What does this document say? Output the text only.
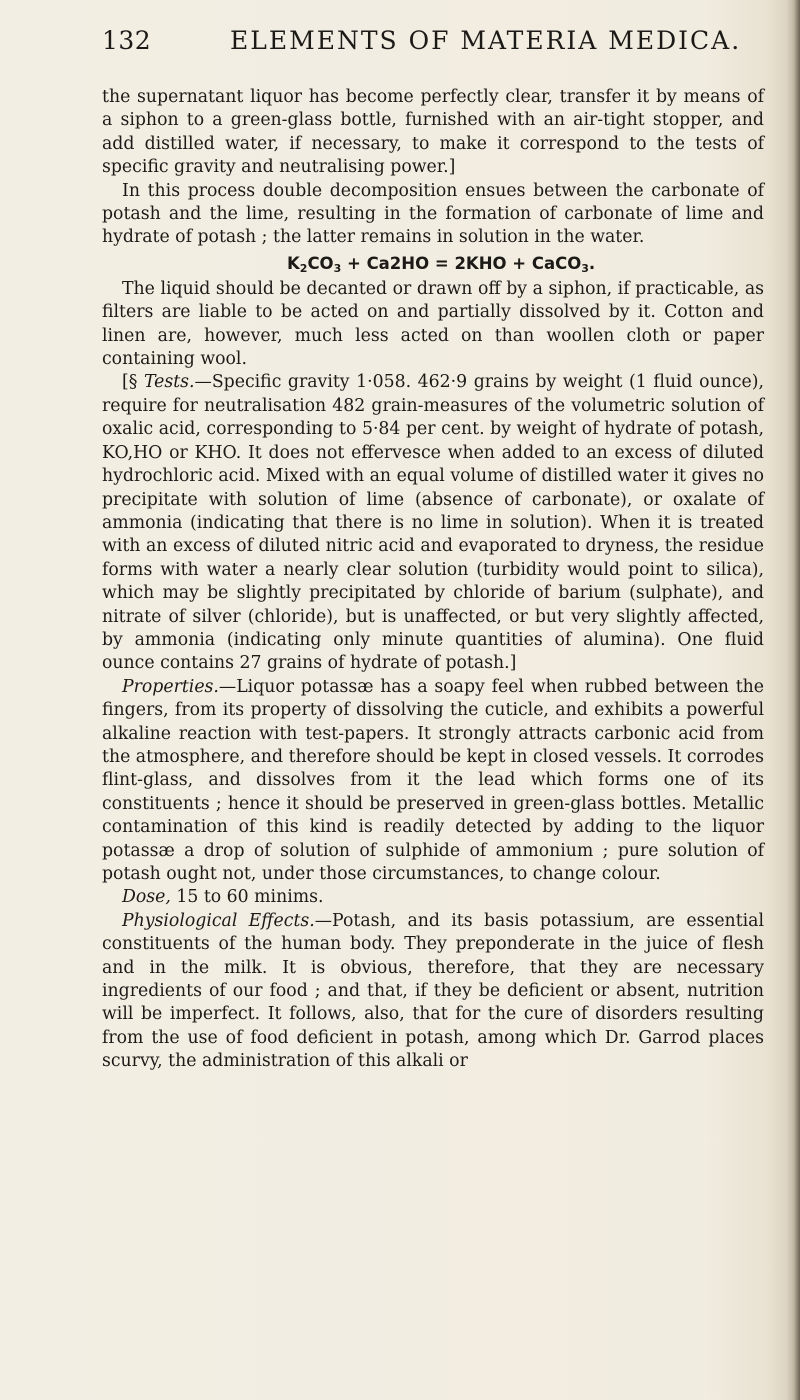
132	ELEMENTS OF MATERIA MEDICA.

the supernatant liquor has become perfectly clear, transfer it by means of a siphon to a green-glass bottle, furnished with an air-tight stopper, and add distilled water, if necessary, to make it correspond to the tests of specific gravity and neutralising power.]

In this process double decomposition ensues between the carbonate of potash and the lime, resulting in the formation of carbonate of lime and hydrate of potash ; the latter remains in solution in the water.

$K_2CO_3 + Ca2HO = 2KHO$ + CaCO$_3$.

The liquid should be decanted or drawn off by a siphon, if practicable, as filters are liable to be acted on and partially dissolved by it. Cotton and linen are, however, much less acted on than woollen cloth or paper containing wool.

[§ Tests.—Specific gravity 1·058. 462·9 grains by weight (1 fluid ounce), require for neutralisation 482 grain-measures of the volumetric solution of oxalic acid, corresponding to 5·84 per cent. by weight of hydrate of potash, KO,HO or KHO. It does not effervesce when added to an excess of diluted hydrochloric acid. Mixed with an equal volume of distilled water it gives no precipitate with solution of lime (absence of carbonate), or oxalate of ammonia (indicating that there is no lime in solution). When it is treated with an excess of diluted nitric acid and evaporated to dryness, the residue forms with water a nearly clear solution (turbidity would point to silica), which may be slightly precipitated by chloride of barium (sulphate), and nitrate of silver (chloride), but is unaffected, or but very slightly affected, by ammonia (indicating only minute quantities of alumina). One fluid ounce contains 27 grains of hydrate of potash.]

Properties.—Liquor potassæ has a soapy feel when rubbed between the fingers, from its property of dissolving the cuticle, and exhibits a powerful alkaline reaction with test-papers. It strongly attracts carbonic acid from the atmosphere, and therefore should be kept in closed vessels. It corrodes flint-glass, and dissolves from it the lead which forms one of its constituents ; hence it should be preserved in green-glass bottles. Metallic contamination of this kind is readily detected by adding to the liquor potassæ a drop of solution of sulphide of ammonium ; pure solution of potash ought not, under those circumstances, to change colour.

Dose, 15 to 60 minims.

Physiological Effects.—Potash, and its basis potassium, are essential constituents of the human body. They preponderate in the juice of flesh and in the milk. It is obvious, therefore, that they are necessary ingredients of our food ; and that, if they be deficient or absent, nutrition will be imperfect. It follows, also, that for the cure of disorders resulting from the use of food deficient in potash, among which Dr. Garrod places scurvy, the administration of this alkali or
